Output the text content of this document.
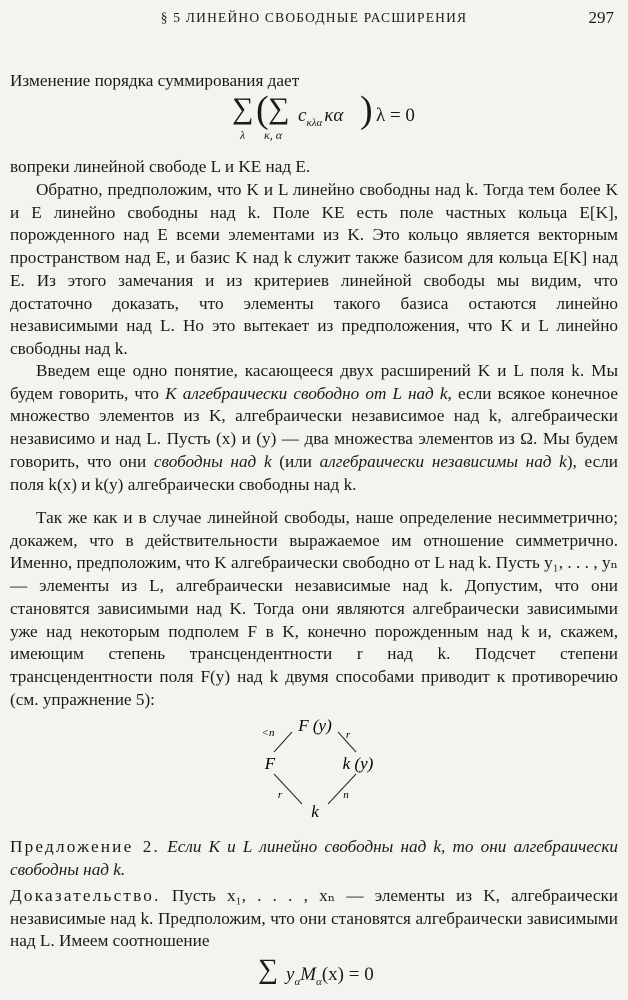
§ 5 ЛИНЕЙНО СВОБОДНЫЕ РАСШИРЕНИЯ	297
Изменение порядка суммирования дает
∑
λ
( ∑
κ, α
$c_{\kappa\lambda\alpha}$ κα ) λ = 0
вопреки линейной свободе L и KE над E.
Обратно, предположим, что K и L линейно свободны над k. Тогда тем более K и E линейно свободны над k. Поле KE есть поле частных кольца E[K], порожденного над E всеми элементами из K. Это кольцо является векторным пространством над E, и базис K над k служит также базисом для кольца E[K] над E. Из этого замечания и из критериев линейной свободы мы видим, что достаточно доказать, что элементы такого базиса остаются линейно независимыми над L. Но это вытекает из предположения, что K и L линейно свободны над k.
Введем еще одно понятие, касающееся двух расширений K и L поля k. Мы будем говорить, что K алгебраически свободно от L над k, если всякое конечное множество элементов из K, алгебраически независимое над k, алгебраически независимо и над L. Пусть (x) и (y) — два множества элементов из Ω. Мы будем говорить, что они свободны над k (или алгебраически независимы над k), если поля k(x) и k(y) алгебраически свободны над k.
Так же как и в случае линейной свободы, наше определение несимметрично; докажем, что в действительности выражаемое им отношение симметрично. Именно, предположим, что K алгебраически свободно от L над k. Пусть y₁, . . . , yₙ — элементы из L, алгебраически независимые над k. Допустим, что они становятся зависимыми над K. Тогда они являются алгебраически зависимыми уже над некоторым подполем F в K, конечно порожденным над k и, скажем, имеющим степень трансцендентности r над k. Подсчет степени трансцендентности поля F(y) над k двумя способами приводит к противоречию (см. упражнение 5):
F (y)
F	k (y)
k
<n	r
r	n
Предложение 2. Если K и L линейно свободны над k, то они алгебраически свободны над k.
Доказательство. Пусть x₁, . . . , xₙ — элементы из K, алгебраически независимые над k. Предположим, что они становятся алгебраически зависимыми над L. Имеем соотношение
∑ $y_\alpha M_\alpha(x) = 0$
